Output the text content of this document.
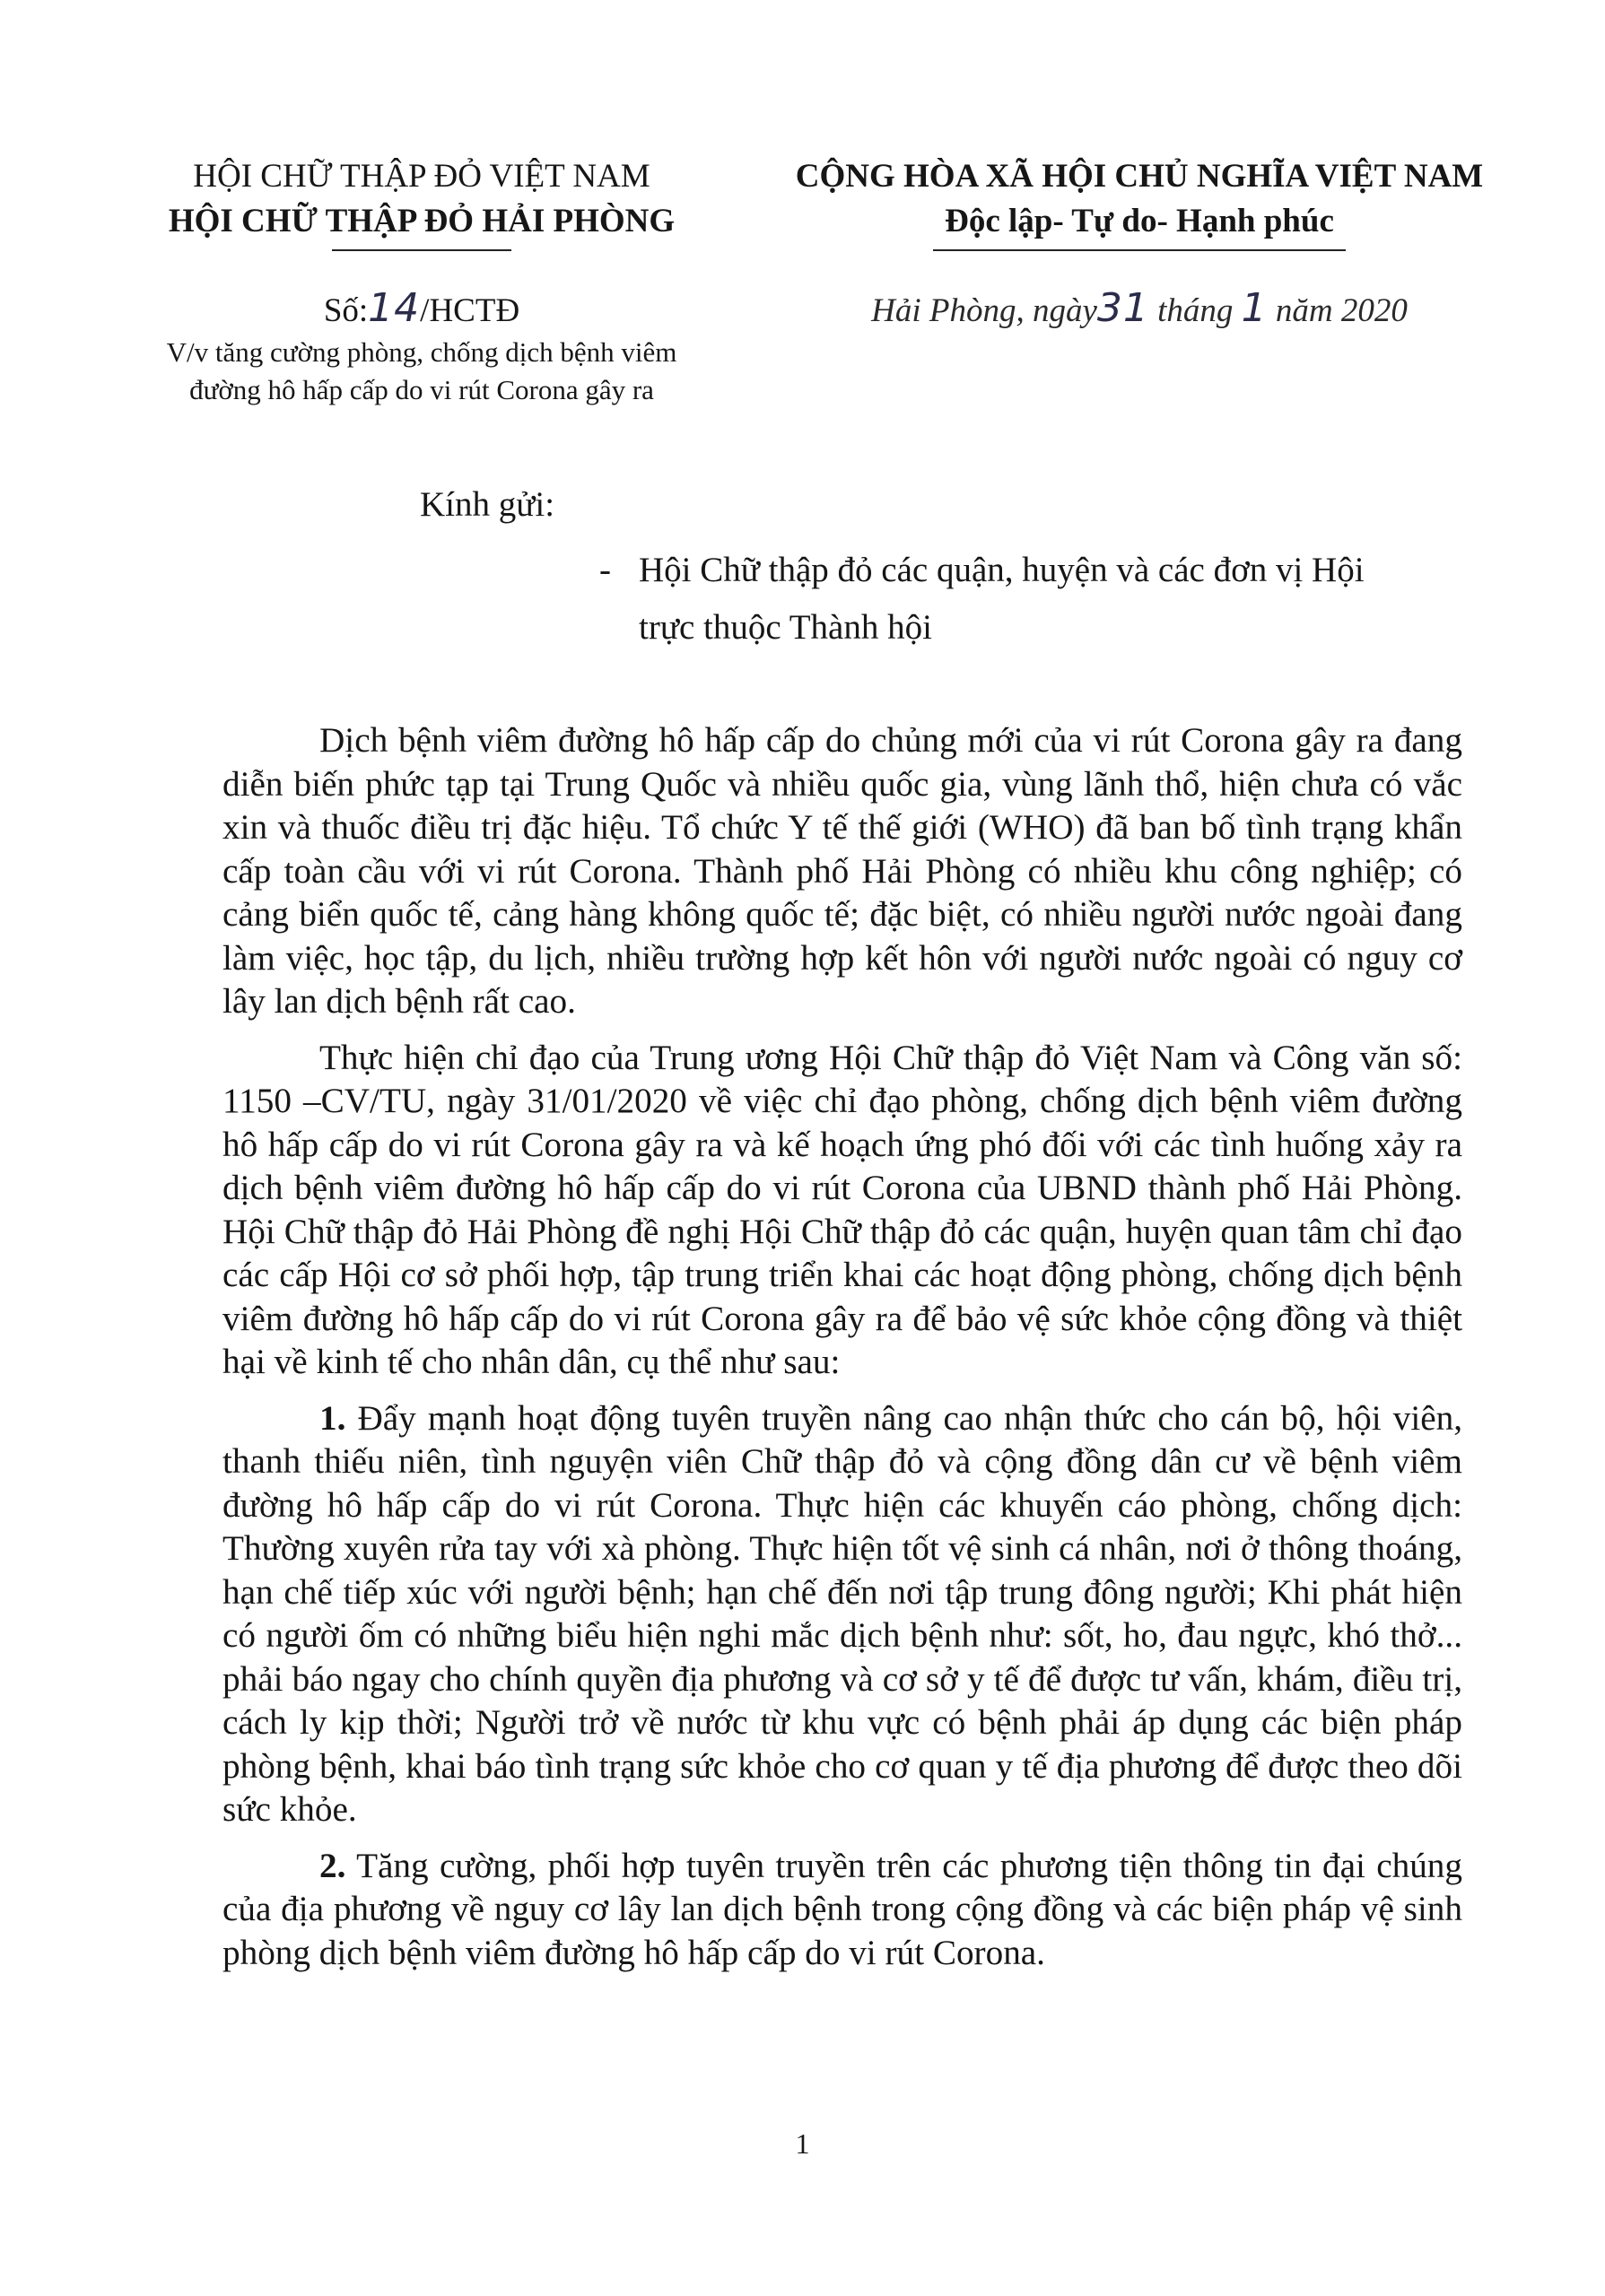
HỘI CHỮ THẬP ĐỎ VIỆT NAM
HỘI CHỮ THẬP ĐỎ HẢI PHÒNG
CỘNG HÒA XÃ HỘI CHỦ NGHĨA VIỆT NAM
Độc lập- Tự do- Hạnh phúc
Số:14/HCTĐ
V/v tăng cường phòng, chống dịch bệnh viêm
đường hô hấp cấp do vi rút Corona gây ra
Hải Phòng, ngày31 tháng 1 năm 2020
Kính gửi:
- Hội Chữ thập đỏ các quận, huyện và các đơn vị Hội
trực thuộc Thành hội

Dịch bệnh viêm đường hô hấp cấp do chủng mới của vi rút Corona gây ra đang diễn biến phức tạp tại Trung Quốc và nhiều quốc gia, vùng lãnh thổ, hiện chưa có vắc xin và thuốc điều trị đặc hiệu. Tổ chức Y tế thế giới (WHO) đã ban bố tình trạng khẩn cấp toàn cầu với vi rút Corona. Thành phố Hải Phòng có nhiều khu công nghiệp; có cảng biển quốc tế, cảng hàng không quốc tế; đặc biệt, có nhiều người nước ngoài đang làm việc, học tập, du lịch, nhiều trường hợp kết hôn với người nước ngoài có nguy cơ lây lan dịch bệnh rất cao.

Thực hiện chỉ đạo của Trung ương Hội Chữ thập đỏ Việt Nam và Công văn số: 1150 –CV/TU, ngày 31/01/2020 về việc chỉ đạo phòng, chống dịch bệnh viêm đường hô hấp cấp do vi rút Corona gây ra và kế hoạch ứng phó đối với các tình huống xảy ra dịch bệnh viêm đường hô hấp cấp do vi rút Corona của UBND thành phố Hải Phòng. Hội Chữ thập đỏ Hải Phòng đề nghị Hội Chữ thập đỏ các quận, huyện quan tâm chỉ đạo các cấp Hội cơ sở phối hợp, tập trung triển khai các hoạt động phòng, chống dịch bệnh viêm đường hô hấp cấp do vi rút Corona gây ra để bảo vệ sức khỏe cộng đồng và thiệt hại về kinh tế cho nhân dân, cụ thể như sau:

1. Đẩy mạnh hoạt động tuyên truyền nâng cao nhận thức cho cán bộ, hội viên, thanh thiếu niên, tình nguyện viên Chữ thập đỏ và cộng đồng dân cư về bệnh viêm đường hô hấp cấp do vi rút Corona. Thực hiện các khuyến cáo phòng, chống dịch: Thường xuyên rửa tay với xà phòng. Thực hiện tốt vệ sinh cá nhân, nơi ở thông thoáng, hạn chế tiếp xúc với người bệnh; hạn chế đến nơi tập trung đông người; Khi phát hiện có người ốm có những biểu hiện nghi mắc dịch bệnh như: sốt, ho, đau ngực, khó thở... phải báo ngay cho chính quyền địa phương và cơ sở y tế để được tư vấn, khám, điều trị, cách ly kịp thời; Người trở về nước từ khu vực có bệnh phải áp dụng các biện pháp phòng bệnh, khai báo tình trạng sức khỏe cho cơ quan y tế địa phương để được theo dõi sức khỏe.

2. Tăng cường, phối hợp tuyên truyền trên các phương tiện thông tin đại chúng của địa phương về nguy cơ lây lan dịch bệnh trong cộng đồng và các biện pháp vệ sinh phòng dịch bệnh viêm đường hô hấp cấp do vi rút Corona.

1
